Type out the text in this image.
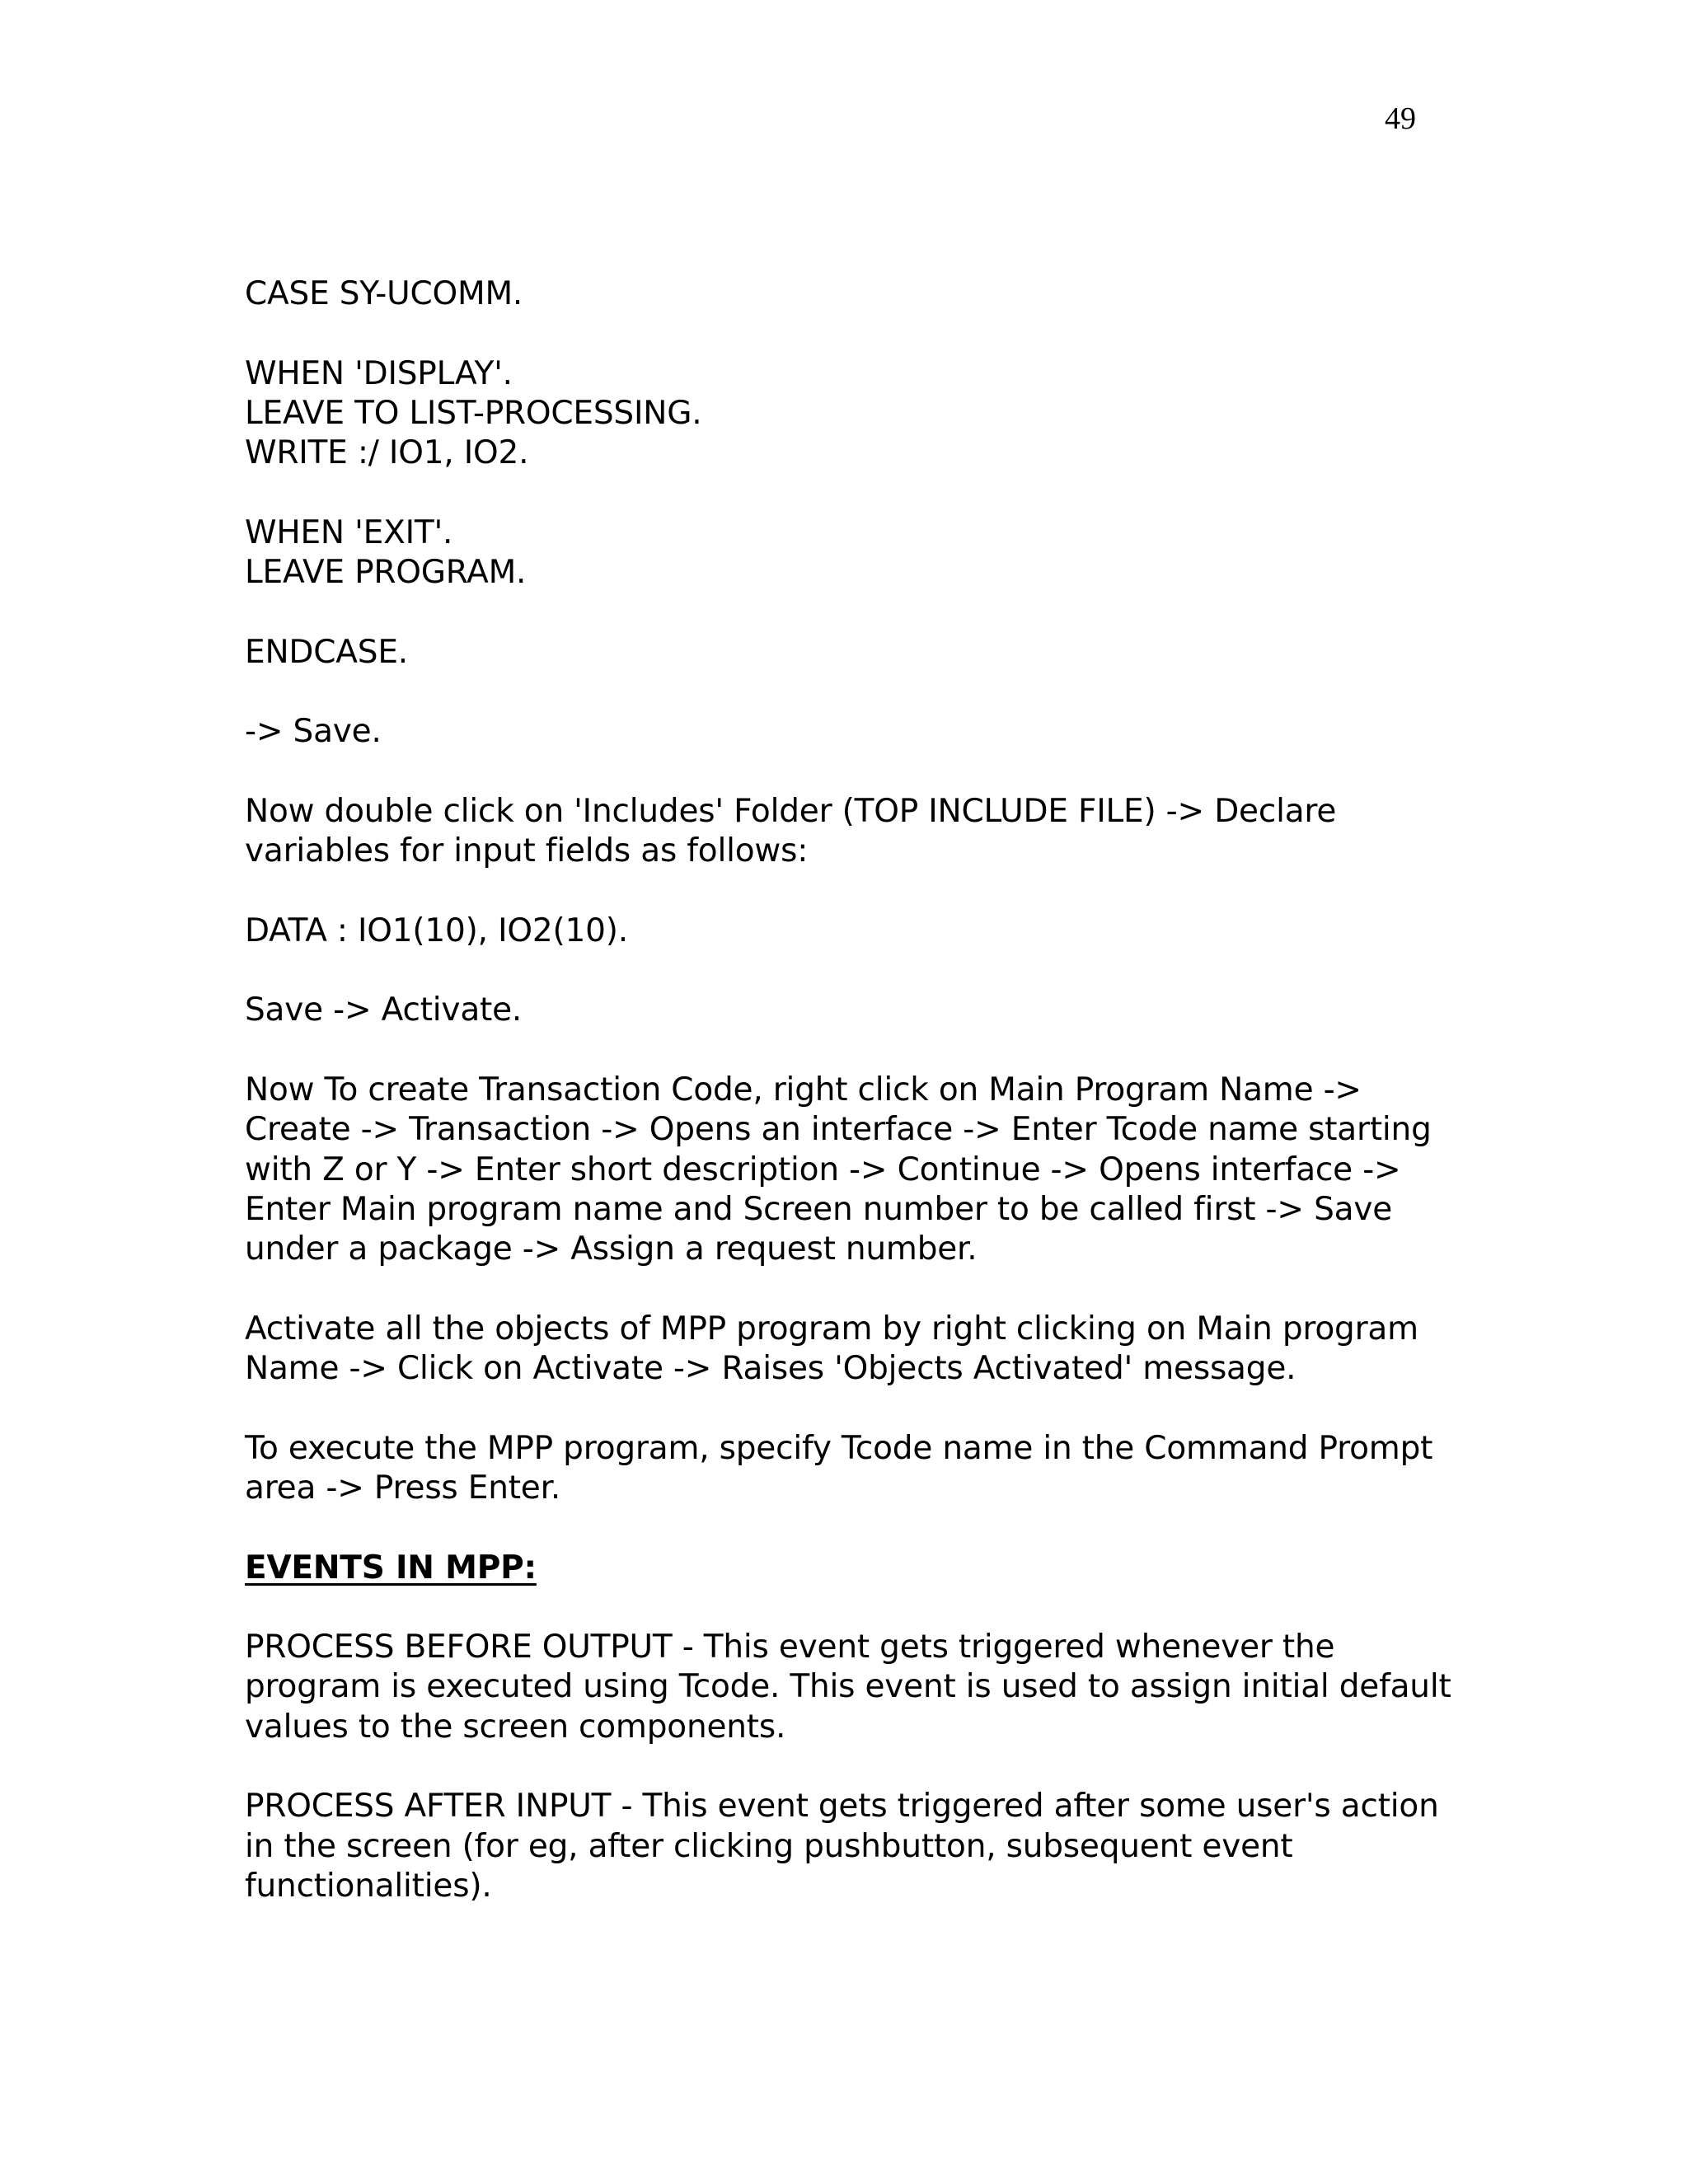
49
CASE SY-UCOMM.
WHEN 'DISPLAY'.
LEAVE TO LIST-PROCESSING.
WRITE :/ IO1, IO2.
WHEN 'EXIT'.
LEAVE PROGRAM.
ENDCASE.
-> Save.
Now double click on 'Includes' Folder (TOP INCLUDE FILE) -> Declare
variables for input fields as follows:
DATA : IO1(10), IO2(10).
Save -> Activate.
Now To create Transaction Code, right click on Main Program Name ->
Create -> Transaction -> Opens an interface -> Enter Tcode name starting
with Z or Y -> Enter short description -> Continue -> Opens interface ->
Enter Main program name and Screen number to be called first -> Save
under a package -> Assign a request number.
Activate all the objects of MPP program by right clicking on Main program
Name -> Click on Activate -> Raises 'Objects Activated' message.
To execute the MPP program, specify Tcode name in the Command Prompt
area -> Press Enter.
EVENTS IN MPP:
PROCESS BEFORE OUTPUT - This event gets triggered whenever the
program is executed using Tcode. This event is used to assign initial default
values to the screen components.
PROCESS AFTER INPUT - This event gets triggered after some user's action
in the screen (for eg, after clicking pushbutton, subsequent event
functionalities).
